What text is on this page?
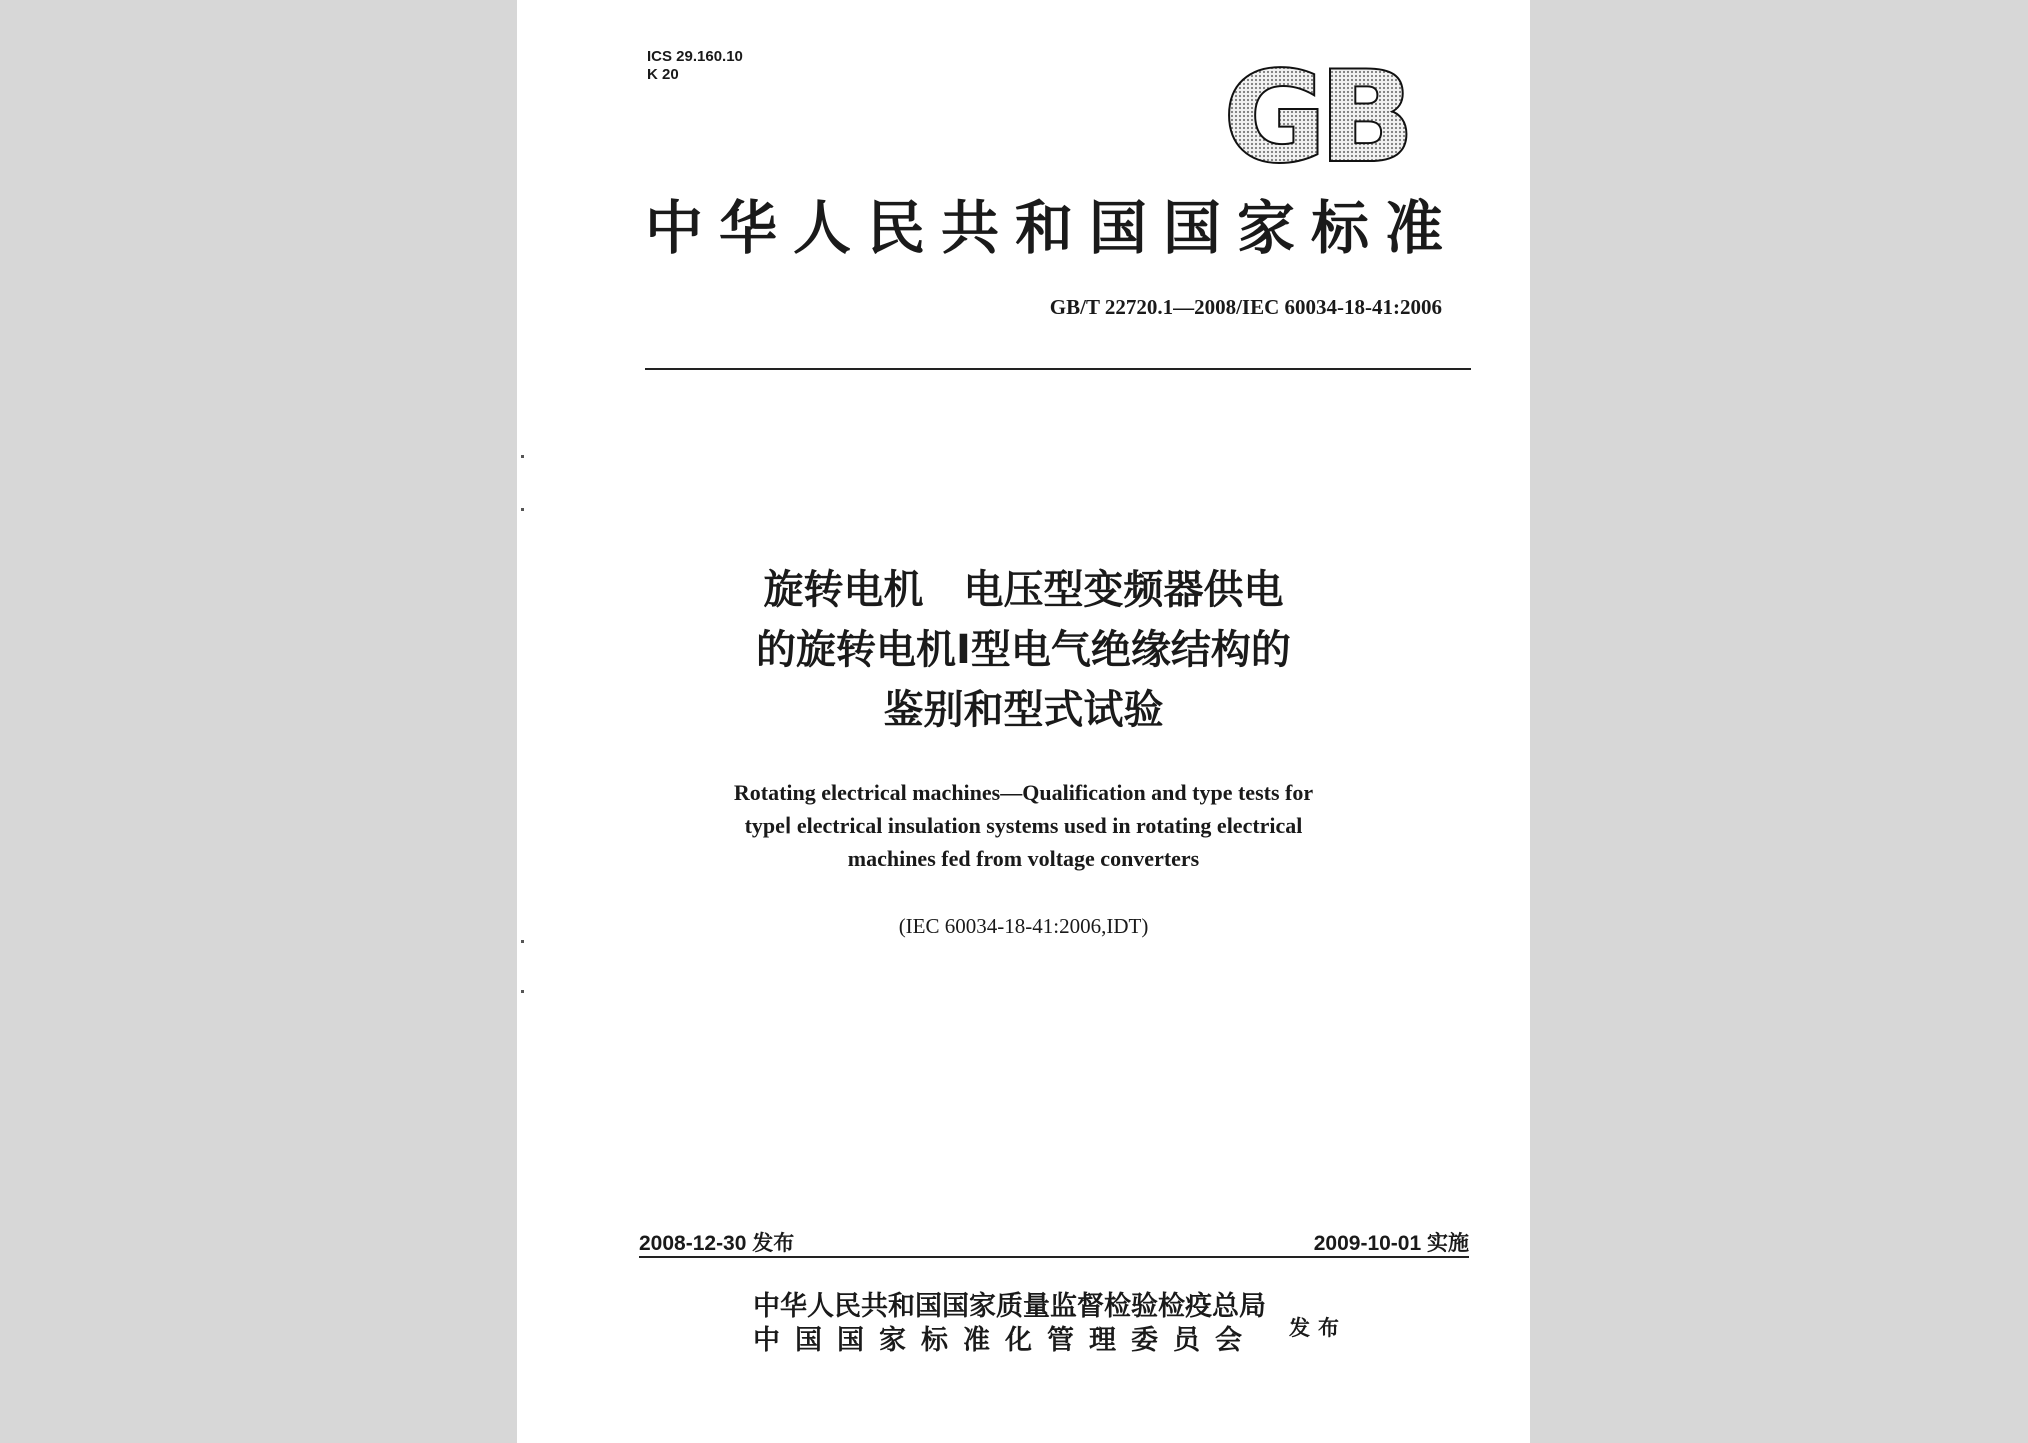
ICS 29.160.10
K 20	GB
中华人民共和国国家标准
GB/T 22720.1—2008/IEC 60034-18-41:2006
旋转电机　电压型变频器供电
的旋转电机Ⅰ型电气绝缘结构的
鉴别和型式试验
Rotating electrical machines—Qualification and type tests for
typeⅠ electrical insulation systems used in rotating electrical
machines fed from voltage converters
(IEC 60034-18-41:2006,IDT)
2008-12-30 发布	2009-10-01 实施
中华人民共和国国家质量监督检验检疫总局
中国国家标准化管理委员会	发布
